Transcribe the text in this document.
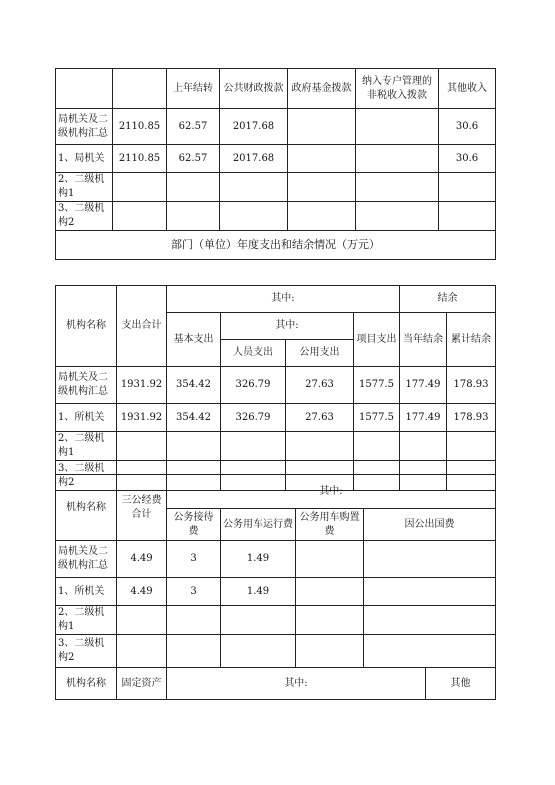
		上年结转	公共财政拨款	政府基金拨款	纳入专户管理的非税收入拨款	其他收入
局机关及二级机构汇总	2110.85	62.57	2017.68			30.6
1、局机关	2110.85	62.57	2017.68			30.6
2、二级机构1						
3、二级机构2						
部门（单位）年度支出和结余情况（万元）						
机构名称	支出合计	其中:				结余	
		基本支出	其中:		项目支出	当年结余	累计结余
			人员支出	公用支出			
局机关及二级机构汇总	1931.92	354.42	326.79	27.63	1577.5	177.49	178.93
1、所机关	1931.92	354.42	326.79	27.63	1577.5	177.49	178.93
2、二级机构1							
3、二级机构2							
机构名称	三公经费合计	其中:			
		公务接待费	公务用车运行费	公务用车购置费	因公出国费
局机关及二级机构汇总	4.49	3	1.49		
1、所机关	4.49	3	1.49		
2、二级机构1					
3、二级机构2					
机构名称	固定资产	其中:	其他
